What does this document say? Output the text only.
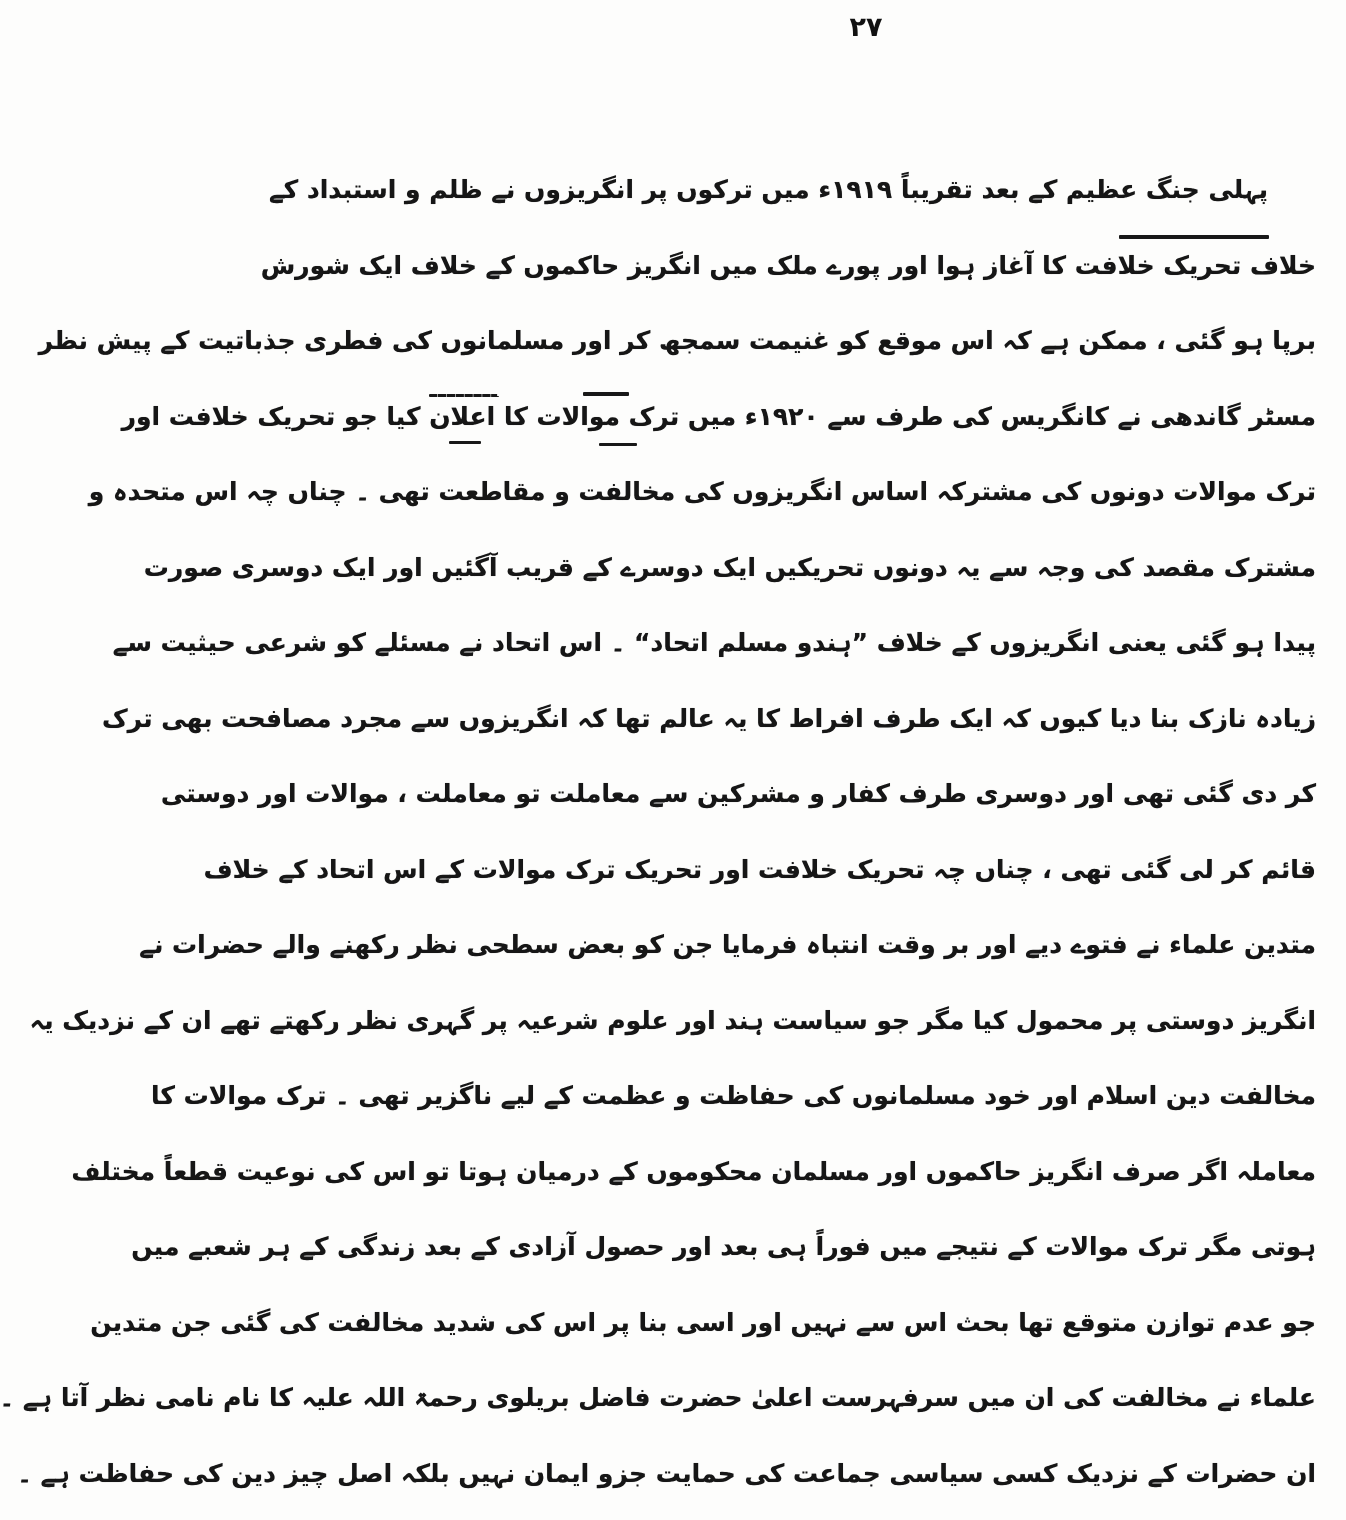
۲۷
پہلی جنگ عظیم کے بعد تقریباً ۱۹۱۹ء میں ترکوں پر انگریزوں نے ظلم و استبداد کے
خلاف تحریک خلافت کا آغاز ہوا اور پورے ملک میں انگریز حاکموں کے خلاف ایک شورش
برپا ہو گئی ، ممکن ہے کہ اس موقع کو غنیمت سمجھ کر اور مسلمانوں کی فطری جذباتیت کے پیش نظر
مسٹر گاندھی نے کانگریس کی طرف سے ۱۹۲۰ء میں ترک موالات کا اعلان کیا جو تحریک خلافت اور
ترک موالات دونوں کی مشترکہ اساس انگریزوں کی مخالفت و مقاطعت تھی ۔ چناں چہ اس متحدہ و
مشترک مقصد کی وجہ سے یہ دونوں تحریکیں ایک دوسرے کے قریب آگئیں اور ایک دوسری صورت
پیدا ہو گئی یعنی انگریزوں کے خلاف ”ہندو مسلم اتحاد“ ۔ اس اتحاد نے مسئلے کو شرعی حیثیت سے
زیادہ نازک بنا دیا کیوں کہ ایک طرف افراط کا یہ عالم تھا کہ انگریزوں سے مجرد مصافحت بھی ترک
کر دی گئی تھی اور دوسری طرف کفار و مشرکین سے معاملت تو معاملت ، موالات اور دوستی
قائم کر لی گئی تھی ، چناں چہ تحریک خلافت اور تحریک ترک موالات کے اس اتحاد کے خلاف
متدین علماء نے فتوے دیے اور بر وقت انتباہ فرمایا جن کو بعض سطحی نظر رکھنے والے حضرات نے
انگریز دوستی پر محمول کیا مگر جو سیاست ہند اور علوم شرعیہ پر گہری نظر رکھتے تھے ان کے نزدیک یہ
مخالفت دین اسلام اور خود مسلمانوں کی حفاظت و عظمت کے لیے ناگزیر تھی ۔ ترک موالات کا
معاملہ اگر صرف انگریز حاکموں اور مسلمان محکوموں کے درمیان ہوتا تو اس کی نوعیت قطعاً مختلف
ہوتی مگر ترک موالات کے نتیجے میں فوراً ہی بعد اور حصول آزادی کے بعد زندگی کے ہر شعبے میں
جو عدم توازن متوقع تھا بحث اس سے نہیں اور اسی بنا پر اس کی شدید مخالفت کی گئی جن متدین
علماء نے مخالفت کی ان میں سرفہرست اعلیٰ حضرت فاضل بریلوی رحمۃ اللہ علیہ کا نام نامی نظر آتا ہے ۔
ان حضرات کے نزدیک کسی سیاسی جماعت کی حمایت جزو ایمان نہیں بلکہ اصل چیز دین کی حفاظت ہے ۔
